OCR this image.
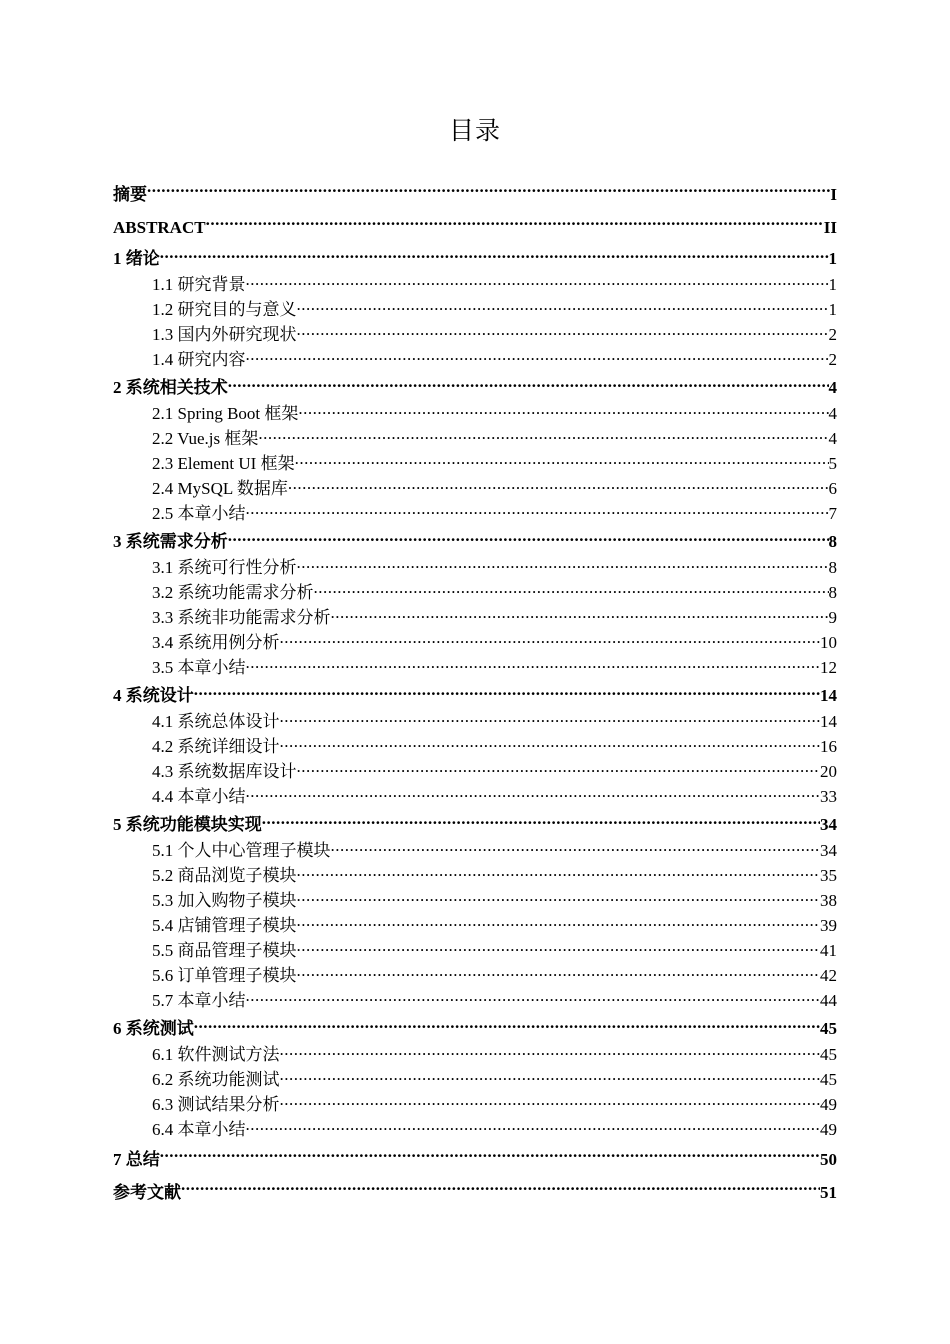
目录
摘要 .....	I
ABSTRACT .....	II
1 绪论 .....	1
1.1 研究背景 .....	1
1.2 研究目的与意义 .....	1
1.3 国内外研究现状 .....	2
1.4 研究内容 .....	2
2 系统相关技术 .....	4
2.1 Spring Boot 框架 .....	4
2.2 Vue.js 框架 .....	4
2.3 Element UI 框架 .....	5
2.4 MySQL 数据库 .....	6
2.5 本章小结 .....	7
3 系统需求分析 .....	8
3.1 系统可行性分析 .....	8
3.2 系统功能需求分析 .....	8
3.3 系统非功能需求分析 .....	9
3.4 系统用例分析 .....	10
3.5 本章小结 .....	12
4 系统设计 .....	14
4.1 系统总体设计 .....	14
4.2 系统详细设计 .....	16
4.3 系统数据库设计 .....	20
4.4 本章小结 .....	33
5 系统功能模块实现 .....	34
5.1 个人中心管理子模块 .....	34
5.2 商品浏览子模块 .....	35
5.3 加入购物子模块 .....	38
5.4 店铺管理子模块 .....	39
5.5 商品管理子模块 .....	41
5.6 订单管理子模块 .....	42
5.7 本章小结 .....	44
6 系统测试 .....	45
6.1 软件测试方法 .....	45
6.2 系统功能测试 .....	45
6.3 测试结果分析 .....	49
6.4 本章小结 .....	49
7 总结 .....	50
参考文献 .....	51
